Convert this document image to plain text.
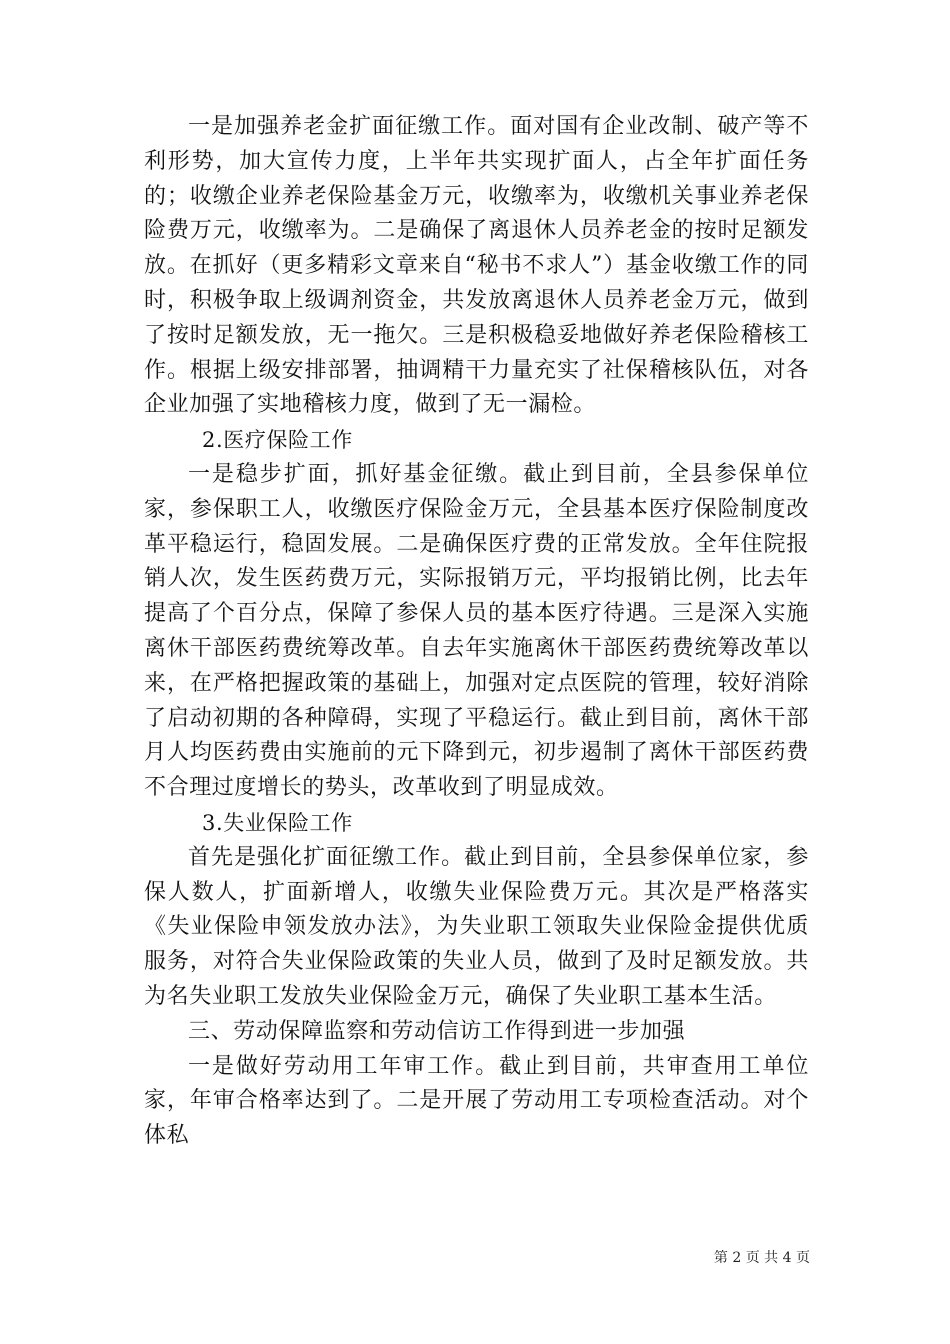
一是加强养老金扩面征缴工作。面对国有企业改制、破产等不利形势，加大宣传力度，上半年共实现扩面人，占全年扩面任务的；收缴企业养老保险基金万元，收缴率为，收缴机关事业养老保险费万元，收缴率为。二是确保了离退休人员养老金的按时足额发放。在抓好（更多精彩文章来自“秘书不求人”）基金收缴工作的同时，积极争取上级调剂资金，共发放离退休人员养老金万元，做到了按时足额发放，无一拖欠。三是积极稳妥地做好养老保险稽核工作。根据上级安排部署，抽调精干力量充实了社保稽核队伍，对各企业加强了实地稽核力度，做到了无一漏检。

2.医疗保险工作

一是稳步扩面，抓好基金征缴。截止到目前，全县参保单位家，参保职工人，收缴医疗保险金万元，全县基本医疗保险制度改革平稳运行，稳固发展。二是确保医疗费的正常发放。全年住院报销人次，发生医药费万元，实际报销万元，平均报销比例，比去年提高了个百分点，保障了参保人员的基本医疗待遇。三是深入实施离休干部医药费统筹改革。自去年实施离休干部医药费统筹改革以来，在严格把握政策的基础上，加强对定点医院的管理，较好消除了启动初期的各种障碍，实现了平稳运行。截止到目前，离休干部月人均医药费由实施前的元下降到元，初步遏制了离休干部医药费不合理过度增长的势头，改革收到了明显成效。

3.失业保险工作

首先是强化扩面征缴工作。截止到目前，全县参保单位家，参保人数人，扩面新增人，收缴失业保险费万元。其次是严格落实《失业保险申领发放办法》，为失业职工领取失业保险金提供优质服务，对符合失业保险政策的失业人员，做到了及时足额发放。共为名失业职工发放失业保险金万元，确保了失业职工基本生活。

三、劳动保障监察和劳动信访工作得到进一步加强

一是做好劳动用工年审工作。截止到目前，共审查用工单位家，年审合格率达到了。二是开展了劳动用工专项检查活动。对个体私

第 2 页 共 4 页
